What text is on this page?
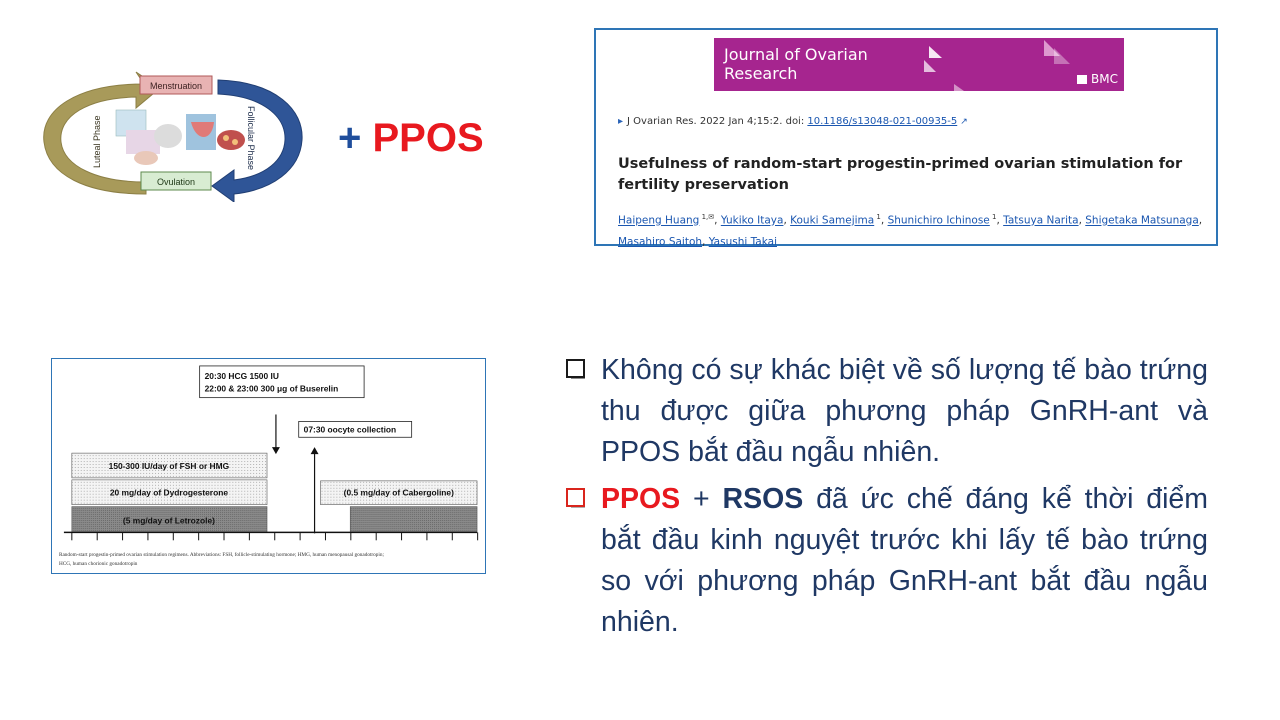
Menstruation
Ovulation
Luteal Phase	Follicular Phase + PPOS
Journal of Ovarian Research	BMC
▸ J Ovarian Res. 2022 Jan 4;15:2. doi: 10.1186/s13048-021-00935-5 ↗
Usefulness of random-start progestin-primed ovarian stimulation for fertility preservation
Haipeng Huang $^{1,✉}$, Yukiko Itaya, Kouki Samejima $^1$, Shunichiro Ichinose $^1$, Tatsuya Narita, Shigetaka Matsunaga, Masahiro Saitoh, Yasushi Takai
20:30 HCG 1500 IU
22:00 & 23:00 300 μg of Buserelin
07:30 oocyte collection
150-300 IU/day of FSH or HMG
20 mg/day of Dydrogesterone
(5 mg/day of Letrozole)
(0.5 mg/day of Cabergoline)
Random-start progestin-primed ovarian stimulation regimens. Abbreviations: FSH, follicle-stimulating hormone; HMG, human menopausal gonadotropin;
HCG, human chorionic gonadotropin
Không có sự khác biệt về số lượng tế bào trứng thu được giữa phương pháp GnRH-ant và PPOS bắt đầu ngẫu nhiên.
PPOS + RSOS đã ức chế đáng kể thời điểm bắt đầu kinh nguyệt trước khi lấy tế bào trứng so với phương pháp GnRH-ant bắt đầu ngẫu nhiên.
